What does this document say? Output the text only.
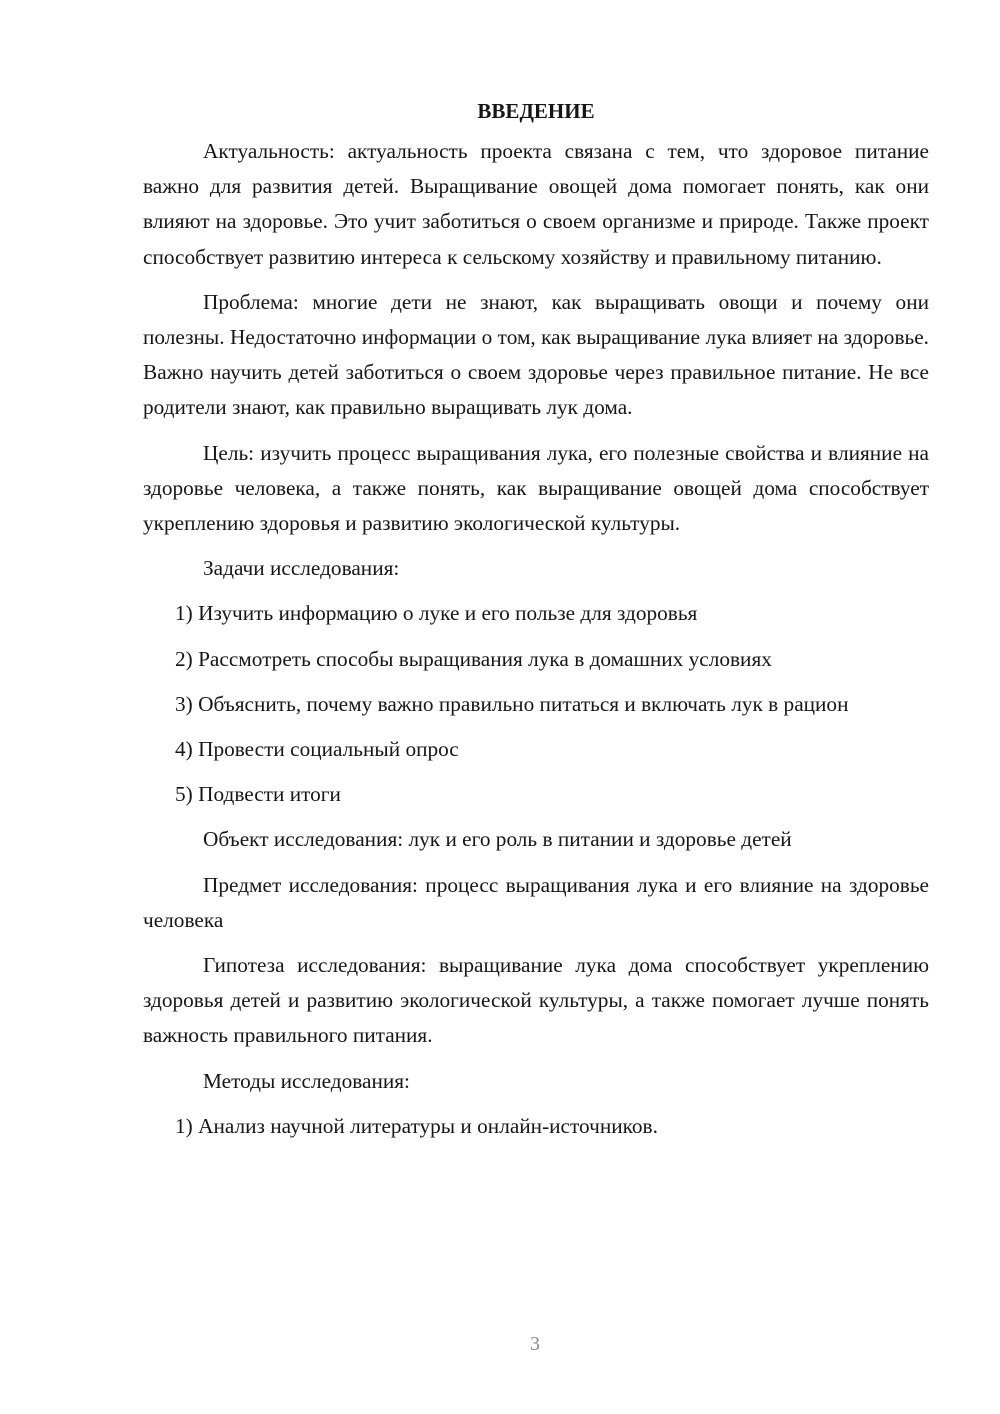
ВВЕДЕНИЕ

Актуальность: актуальность проекта связана с тем, что здоровое питание важно для развития детей. Выращивание овощей дома помогает понять, как они влияют на здоровье. Это учит заботиться о своем организме и природе. Также проект способствует развитию интереса к сельскому хозяйству и правильному питанию.

Проблема: многие дети не знают, как выращивать овощи и почему они полезны. Недостаточно информации о том, как выращивание лука влияет на здоровье. Важно научить детей заботиться о своем здоровье через правильное питание. Не все родители знают, как правильно выращивать лук дома.

Цель: изучить процесс выращивания лука, его полезные свойства и влияние на здоровье человека, а также понять, как выращивание овощей дома способствует укреплению здоровья и развитию экологической культуры.

Задачи исследования:

1) Изучить информацию о луке и его пользе для здоровья

2) Рассмотреть способы выращивания лука в домашних условиях

3) Объяснить, почему важно правильно питаться и включать лук в рацион

4) Провести социальный опрос

5) Подвести итоги

Объект исследования: лук и его роль в питании и здоровье детей

Предмет исследования: процесс выращивания лука и его влияние на здоровье человека

Гипотеза исследования: выращивание лука дома способствует укреплению здоровья детей и развитию экологической культуры, а также помогает лучше понять важность правильного питания.

Методы исследования:

1) Анализ научной литературы и онлайн-источников.

3
